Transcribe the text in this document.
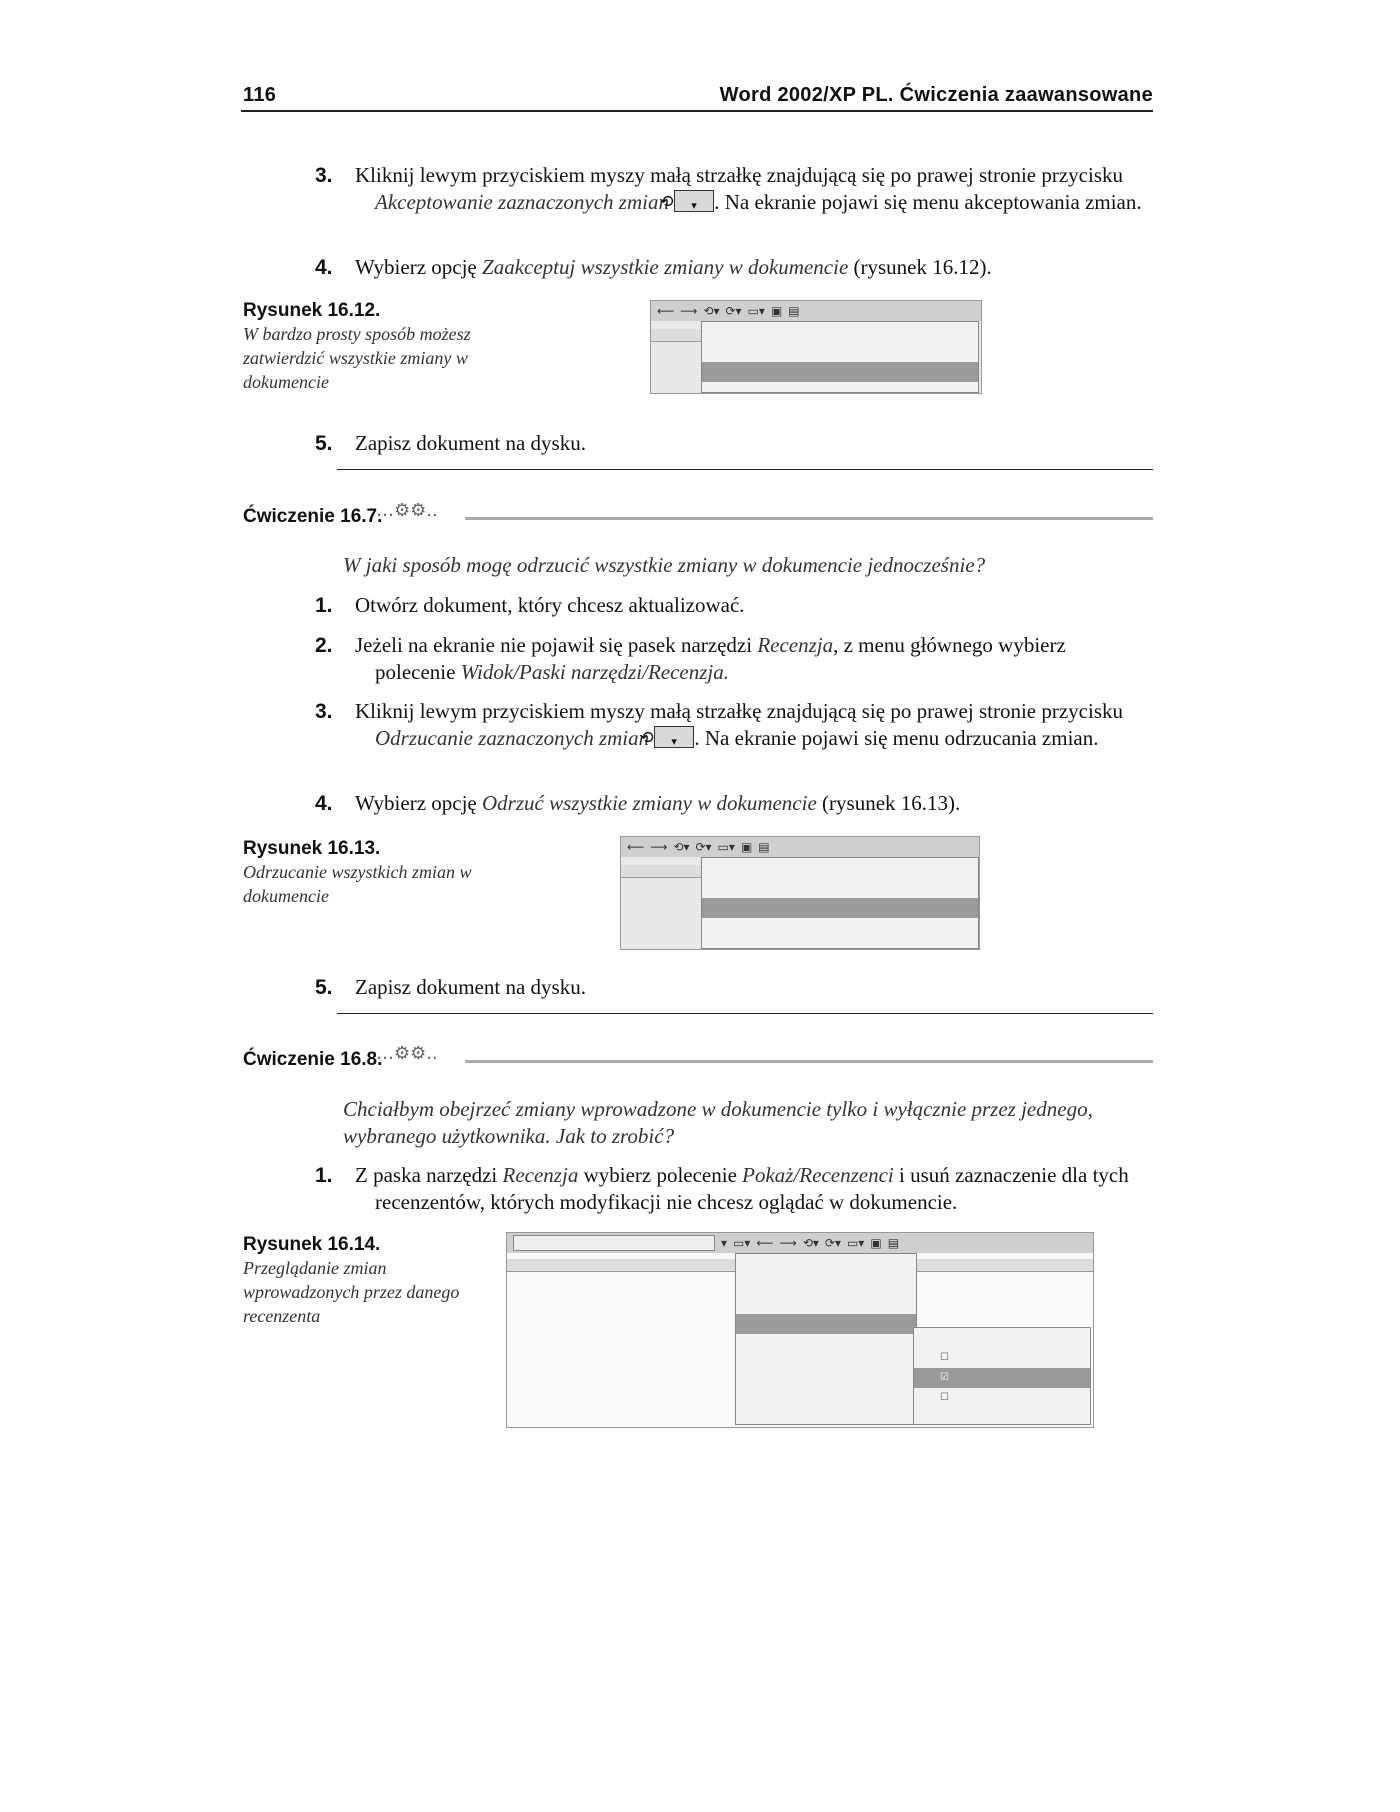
116	Word 2002/XP PL. Ćwiczenia zaawansowane

3. Kliknij lewym przyciskiem myszy małą strzałkę znajdującą się po prawej stronie przycisku Akceptowanie zaznaczonych zmian ⟲ ▾ . Na ekranie pojawi się menu akceptowania zmian.

4. Wybierz opcję Zaakceptuj wszystkie zmiany w dokumencie (rysunek 16.12).

Rysunek 16.12.
W bardzo prosty sposób możesz zatwierdzić wszystkie zmiany w dokumencie
⟵ ⟶ ⟲▾ ⟳▾ ▭▾ ▣ ▤

5. Zapisz dokument na dysku.

Ćwiczenie 16.7.
…⚙⚙..
W jaki sposób mogę odrzucić wszystkie zmiany w dokumencie jednocześnie?

1. Otwórz dokument, który chcesz aktualizować.

2. Jeżeli na ekranie nie pojawił się pasek narzędzi Recenzja, z menu głównego wybierz polecenie Widok/Paski narzędzi/Recenzja.

3. Kliknij lewym przyciskiem myszy małą strzałkę znajdującą się po prawej stronie przycisku Odrzucanie zaznaczonych zmian ⟲ ▾ . Na ekranie pojawi się menu odrzucania zmian.

4. Wybierz opcję Odrzuć wszystkie zmiany w dokumencie (rysunek 16.13).

Rysunek 16.13.
Odrzucanie wszystkich zmian w dokumencie
⟵ ⟶ ⟲▾ ⟳▾ ▭▾ ▣ ▤

5. Zapisz dokument na dysku.

Ćwiczenie 16.8.
…⚙⚙..
Chciałbym obejrzeć zmiany wprowadzone w dokumencie tylko i wyłącznie przez jednego, wybranego użytkownika. Jak to zrobić?

1. Z paska narzędzi Recenzja wybierz polecenie Pokaż/Recenzenci i usuń zaznaczenie dla tych recenzentów, których modyfikacji nie chcesz oglądać w dokumencie.

Rysunek 16.14.
Przeglądanie zmian wprowadzonych przez danego recenzenta
▾ ▭▾ ⟵ ⟶ ⟲▾ ⟳▾ ▭▾ ▣ ▤
☐
☑
☐
